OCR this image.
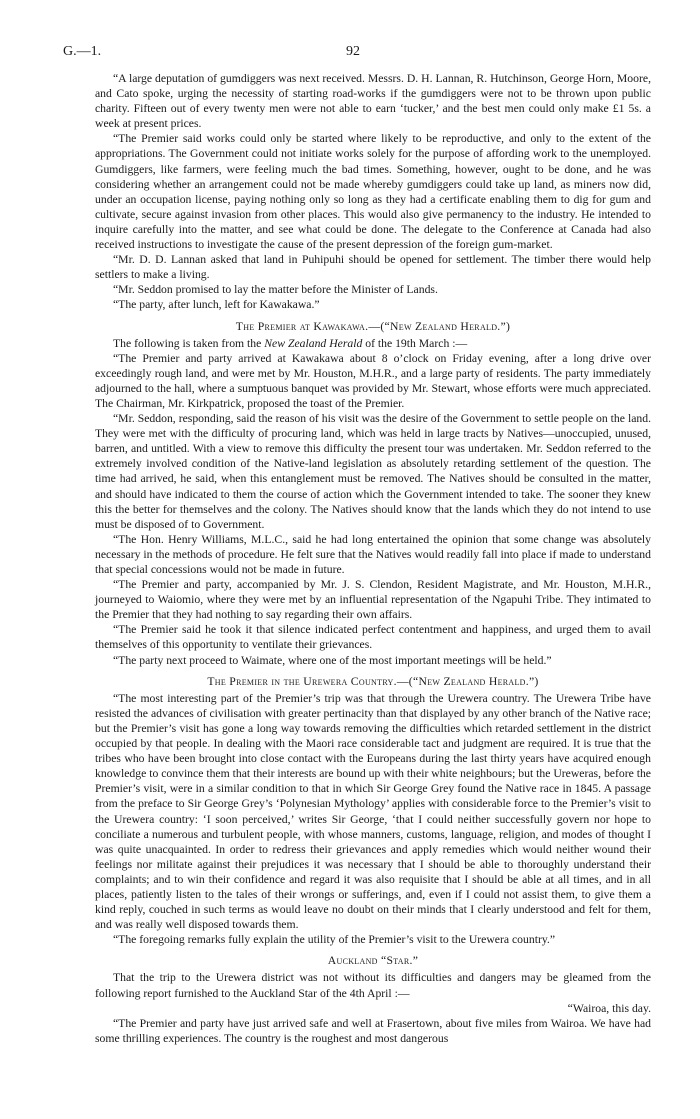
G.—1.	92

“A large deputation of gumdiggers was next received. Messrs. D. H. Lannan, R. Hutchinson, George Horn, Moore, and Cato spoke, urging the necessity of starting road-works if the gumdiggers were not to be thrown upon public charity. Fifteen out of every twenty men were not able to earn ‘tucker,’ and the best men could only make £1 5s. a week at present prices.

“The Premier said works could only be started where likely to be reproductive, and only to the extent of the appropriations. The Government could not initiate works solely for the purpose of affording work to the unemployed. Gumdiggers, like farmers, were feeling much the bad times. Something, however, ought to be done, and he was considering whether an arrangement could not be made whereby gumdiggers could take up land, as miners now did, under an occupation license, paying nothing only so long as they had a certificate enabling them to dig for gum and cultivate, secure against invasion from other places. This would also give permanency to the industry. He intended to inquire carefully into the matter, and see what could be done. The delegate to the Conference at Canada had also received instructions to investigate the cause of the present depression of the foreign gum-market.

“Mr. D. D. Lannan asked that land in Puhipuhi should be opened for settlement. The timber there would help settlers to make a living.

“Mr. Seddon promised to lay the matter before the Minister of Lands.

“The party, after lunch, left for Kawakawa.”

The Premier at Kawakawa.—(“New Zealand Herald.”)

The following is taken from the New Zealand Herald of the 19th March :—

“The Premier and party arrived at Kawakawa about 8 o’clock on Friday evening, after a long drive over exceedingly rough land, and were met by Mr. Houston, M.H.R., and a large party of residents. The party immediately adjourned to the hall, where a sumptuous banquet was provided by Mr. Stewart, whose efforts were much appreciated. The Chairman, Mr. Kirkpatrick, proposed the toast of the Premier.

“Mr. Seddon, responding, said the reason of his visit was the desire of the Government to settle people on the land. They were met with the difficulty of procuring land, which was held in large tracts by Natives—unoccupied, unused, barren, and untitled. With a view to remove this difficulty the present tour was undertaken. Mr. Seddon referred to the extremely involved condition of the Native-land legislation as absolutely retarding settlement of the question. The time had arrived, he said, when this entanglement must be removed. The Natives should be consulted in the matter, and should have indicated to them the course of action which the Government intended to take. The sooner they knew this the better for themselves and the colony. The Natives should know that the lands which they do not intend to use must be disposed of to Government.

“The Hon. Henry Williams, M.L.C., said he had long entertained the opinion that some change was absolutely necessary in the methods of procedure. He felt sure that the Natives would readily fall into place if made to understand that special concessions would not be made in future.

“The Premier and party, accompanied by Mr. J. S. Clendon, Resident Magistrate, and Mr. Houston, M.H.R., journeyed to Waiomio, where they were met by an influential representation of the Ngapuhi Tribe. They intimated to the Premier that they had nothing to say regarding their own affairs.

“The Premier said he took it that silence indicated perfect contentment and happiness, and urged them to avail themselves of this opportunity to ventilate their grievances.

“The party next proceed to Waimate, where one of the most important meetings will be held.”

The Premier in the Urewera Country.—(“New Zealand Herald.”)

“The most interesting part of the Premier’s trip was that through the Urewera country. The Urewera Tribe have resisted the advances of civilisation with greater pertinacity than that displayed by any other branch of the Native race; but the Premier’s visit has gone a long way towards removing the difficulties which retarded settlement in the district occupied by that people. In dealing with the Maori race considerable tact and judgment are required. It is true that the tribes who have been brought into close contact with the Europeans during the last thirty years have acquired enough knowledge to convince them that their interests are bound up with their white neighbours; but the Ureweras, before the Premier’s visit, were in a similar condition to that in which Sir George Grey found the Native race in 1845. A passage from the preface to Sir George Grey’s ‘Polynesian Mythology’ applies with considerable force to the Premier’s visit to the Urewera country: ‘I soon perceived,’ writes Sir George, ‘that I could neither successfully govern nor hope to conciliate a numerous and turbulent people, with whose manners, customs, language, religion, and modes of thought I was quite unacquainted. In order to redress their grievances and apply remedies which would neither wound their feelings nor militate against their prejudices it was necessary that I should be able to thoroughly understand their complaints; and to win their confidence and regard it was also requisite that I should be able at all times, and in all places, patiently listen to the tales of their wrongs or sufferings, and, even if I could not assist them, to give them a kind reply, couched in such terms as would leave no doubt on their minds that I clearly understood and felt for them, and was really well disposed towards them.

“The foregoing remarks fully explain the utility of the Premier’s visit to the Urewera country.”

Auckland “Star.”

That the trip to the Urewera district was not without its difficulties and dangers may be gleamed from the following report furnished to the Auckland Star of the 4th April :—

“Wairoa, this day.

“The Premier and party have just arrived safe and well at Frasertown, about five miles from Wairoa. We have had some thrilling experiences. The country is the roughest and most dangerous
